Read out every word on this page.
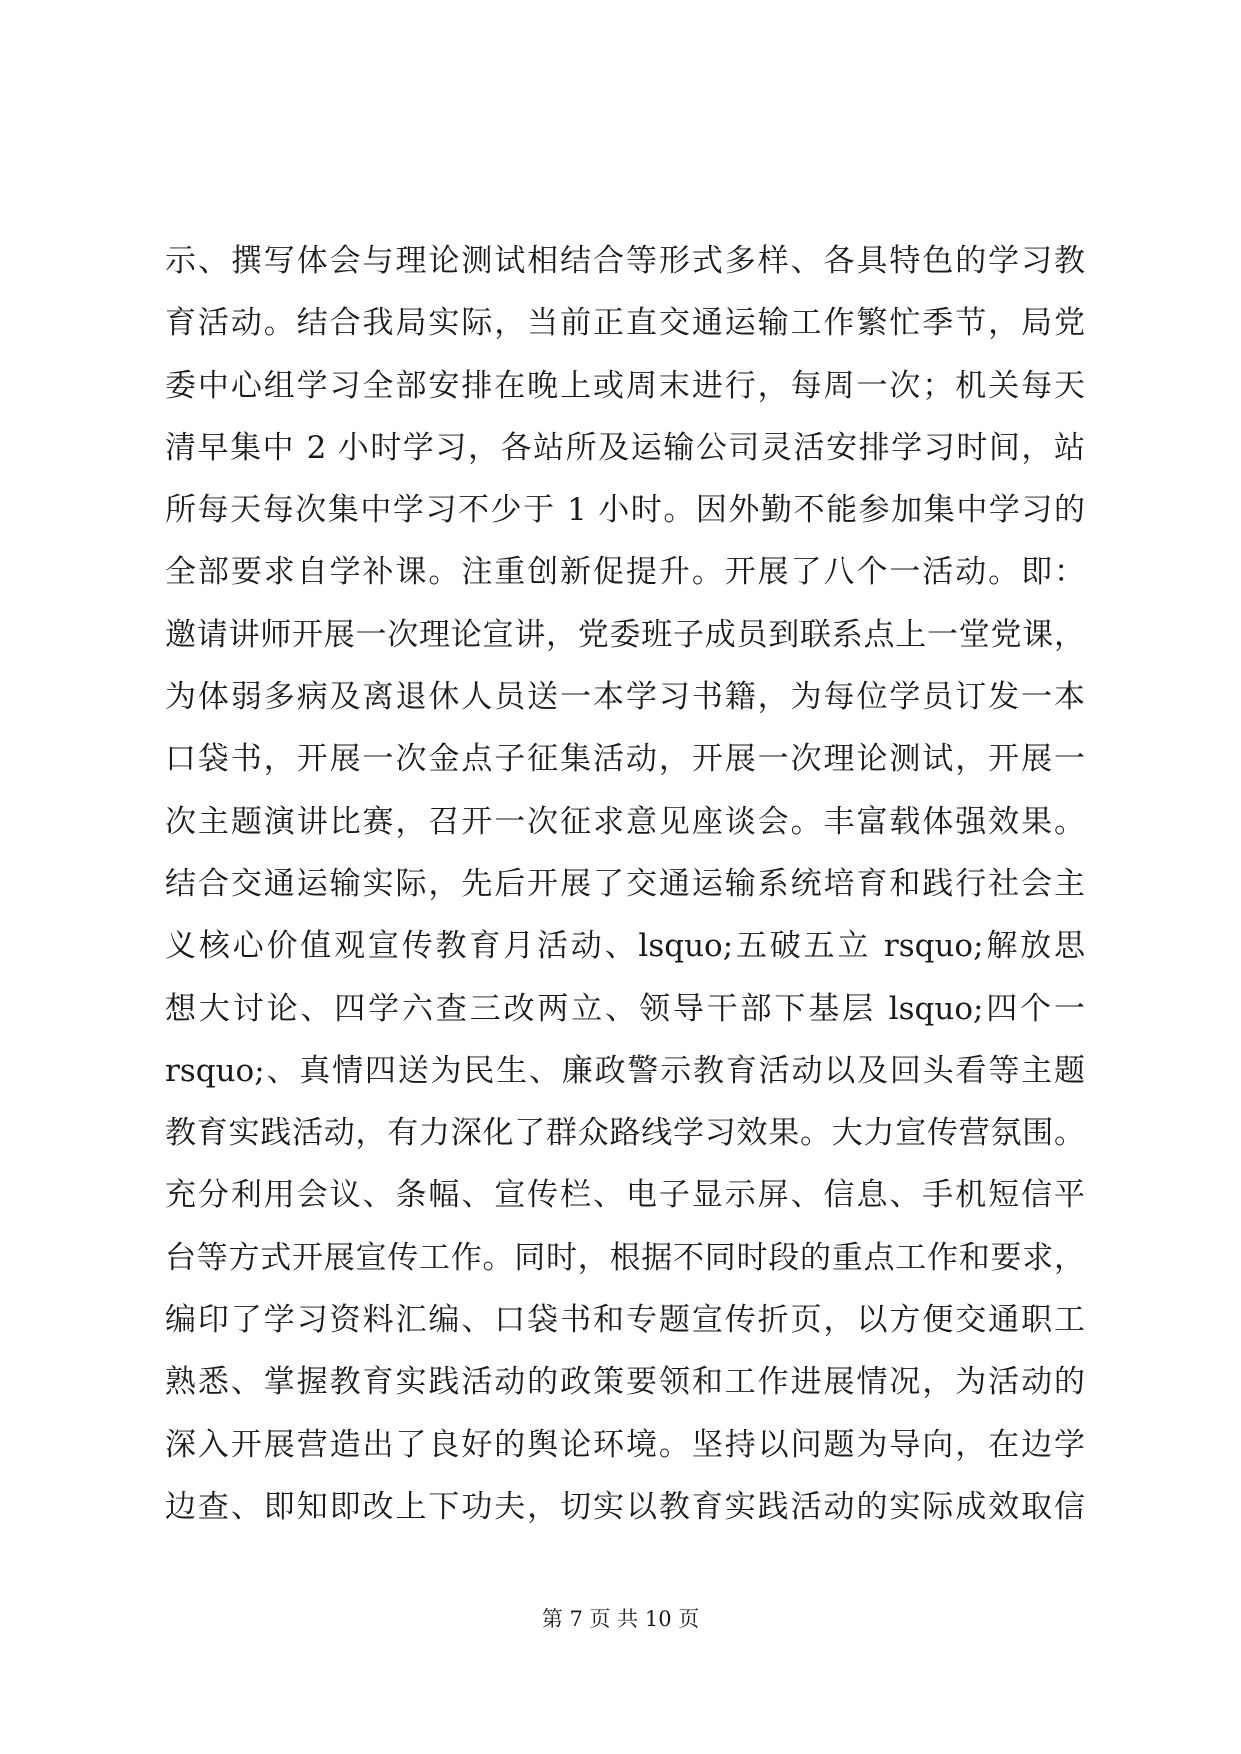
示、撰写体会与理论测试相结合等形式多样、各具特色的学习教
育活动。结合我局实际，当前正直交通运输工作繁忙季节，局党
委中心组学习全部安排在晚上或周末进行，每周一次；机关每天
清早集中 2 小时学习，各站所及运输公司灵活安排学习时间，站
所每天每次集中学习不少于 1 小时。因外勤不能参加集中学习的
全部要求自学补课。注重创新促提升。开展了八个一活动。即：
邀请讲师开展一次理论宣讲，党委班子成员到联系点上一堂党课，
为体弱多病及离退休人员送一本学习书籍，为每位学员订发一本
口袋书，开展一次金点子征集活动，开展一次理论测试，开展一
次主题演讲比赛，召开一次征求意见座谈会。丰富载体强效果。
结合交通运输实际，先后开展了交通运输系统培育和践行社会主
义核心价值观宣传教育月活动、lsquo;五破五立 rsquo;解放思
想大讨论、四学六查三改两立、领导干部下基层 lsquo;四个一
rsquo;、真情四送为民生、廉政警示教育活动以及回头看等主题
教育实践活动，有力深化了群众路线学习效果。大力宣传营氛围。
充分利用会议、条幅、宣传栏、电子显示屏、信息、手机短信平
台等方式开展宣传工作。同时，根据不同时段的重点工作和要求，
编印了学习资料汇编、口袋书和专题宣传折页，以方便交通职工
熟悉、掌握教育实践活动的政策要领和工作进展情况，为活动的
深入开展营造出了良好的舆论环境。坚持以问题为导向，在边学
边查、即知即改上下功夫，切实以教育实践活动的实际成效取信
第 7 页 共 10 页
